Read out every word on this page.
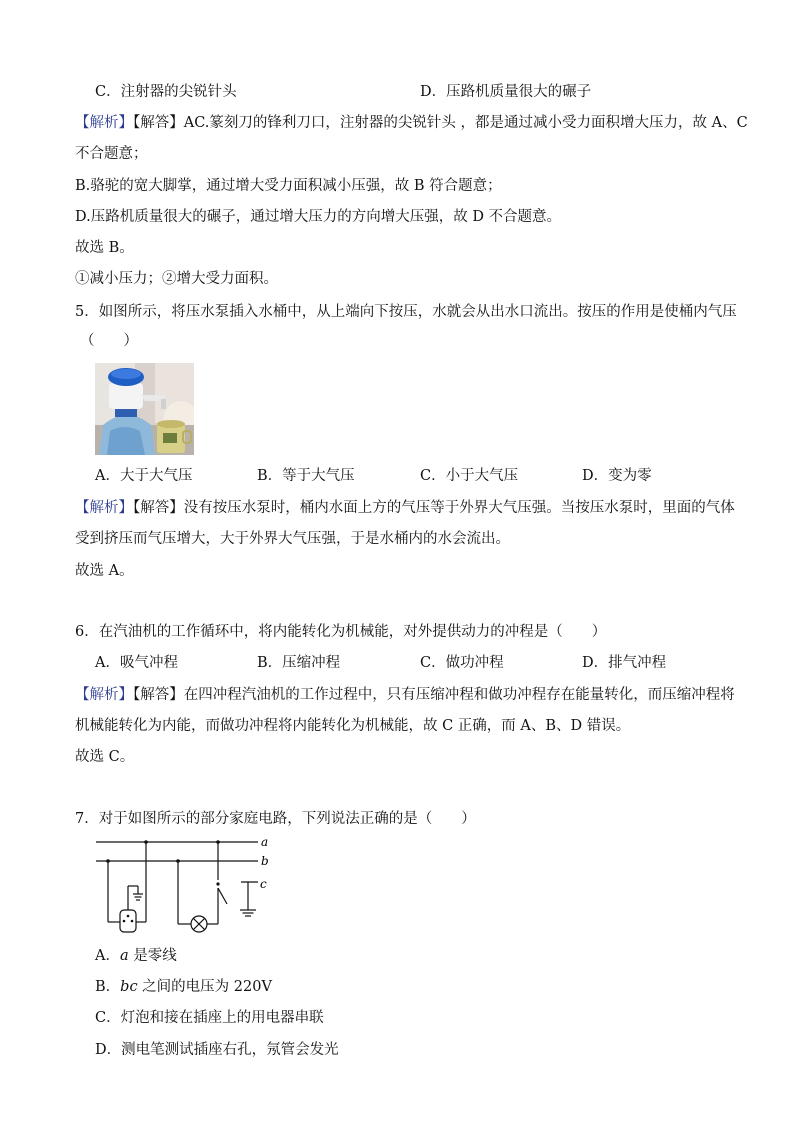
C．注射器的尖锐针头	D．压路机质量很大的碾子
【解析】【解答】AC.篆刻刀的锋利刀口，注射器的尖锐针头 ，都是通过减小受力面积增大压力，故 A、C
不合题意；
B.骆驼的宽大脚掌，通过增大受力面积减小压强，故 B 符合题意；
D.压路机质量很大的碾子，通过增大压力的方向增大压强，故 D 不合题意。
故选 B。
①减小压力；②增大受力面积。
5．如图所示，将压水泵插入水桶中，从上端向下按压，水就会从出水口流出。按压的作用是使桶内气压
（　　）
A．大于大气压	B．等于大气压	C．小于大气压	D．变为零
【解析】【解答】没有按压水泵时，桶内水面上方的气压等于外界大气压强。当按压水泵时，里面的气体
受到挤压而气压增大，大于外界大气压强，于是水桶内的水会流出。
故选 A。
6．在汽油机的工作循环中，将内能转化为机械能，对外提供动力的冲程是（　　）
A．吸气冲程	B．压缩冲程	C．做功冲程	D．排气冲程
【解析】【解答】在四冲程汽油机的工作过程中，只有压缩冲程和做功冲程存在能量转化，而压缩冲程将
机械能转化为内能，而做功冲程将内能转化为机械能，故 C 正确，而 A、B、D 错误。
故选 C。
7．对于如图所示的部分家庭电路，下列说法正确的是（　　）
a
b
c
A．a 是零线
B．bc 之间的电压为 220V
C．灯泡和接在插座上的用电器串联
D．测电笔测试插座右孔，氖管会发光
